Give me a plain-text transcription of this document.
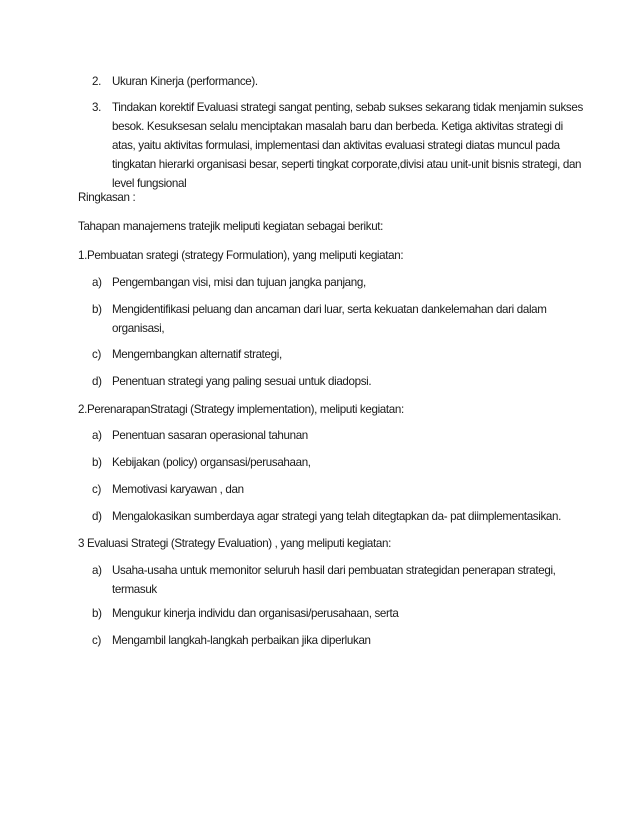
2. Ukuran Kinerja (performance).
3. Tindakan korektif Evaluasi strategi sangat penting, sebab sukses sekarang tidak menjamin sukses
besok. Kesuksesan selalu menciptakan masalah baru dan berbeda. Ketiga aktivitas strategi di
atas, yaitu aktivitas formulasi, implementasi dan aktivitas evaluasi strategi diatas muncul pada
tingkatan hierarki organisasi besar, seperti tingkat corporate,divisi atau unit-unit bisnis strategi, dan
level fungsional
Ringkasan :
Tahapan manajemens tratejik meliputi kegiatan sebagai berikut:
1.Pembuatan srategi (strategy Formulation), yang meliputi kegiatan:
a) Pengembangan visi, misi dan tujuan jangka panjang,
b) Mengidentifikasi peluang dan ancaman dari luar, serta kekuatan dankelemahan dari dalam
organisasi,
c) Mengembangkan alternatif strategi,
d) Penentuan strategi yang paling sesuai untuk diadopsi.
2.PerenarapanStratagi (Strategy implementation), meliputi kegiatan:
a) Penentuan sasaran operasional tahunan
b) Kebijakan (policy) organsasi/perusahaan,
c) Memotivasi karyawan , dan
d) Mengalokasikan sumberdaya agar strategi yang telah ditegtapkan da- pat diimplementasikan.
3 Evaluasi Strategi (Strategy Evaluation) , yang meliputi kegiatan:
a) Usaha-usaha untuk memonitor seluruh hasil dari pembuatan strategidan penerapan strategi,
termasuk
b) Mengukur kinerja individu dan organisasi/perusahaan, serta
c) Mengambil langkah-langkah perbaikan jika diperlukan
